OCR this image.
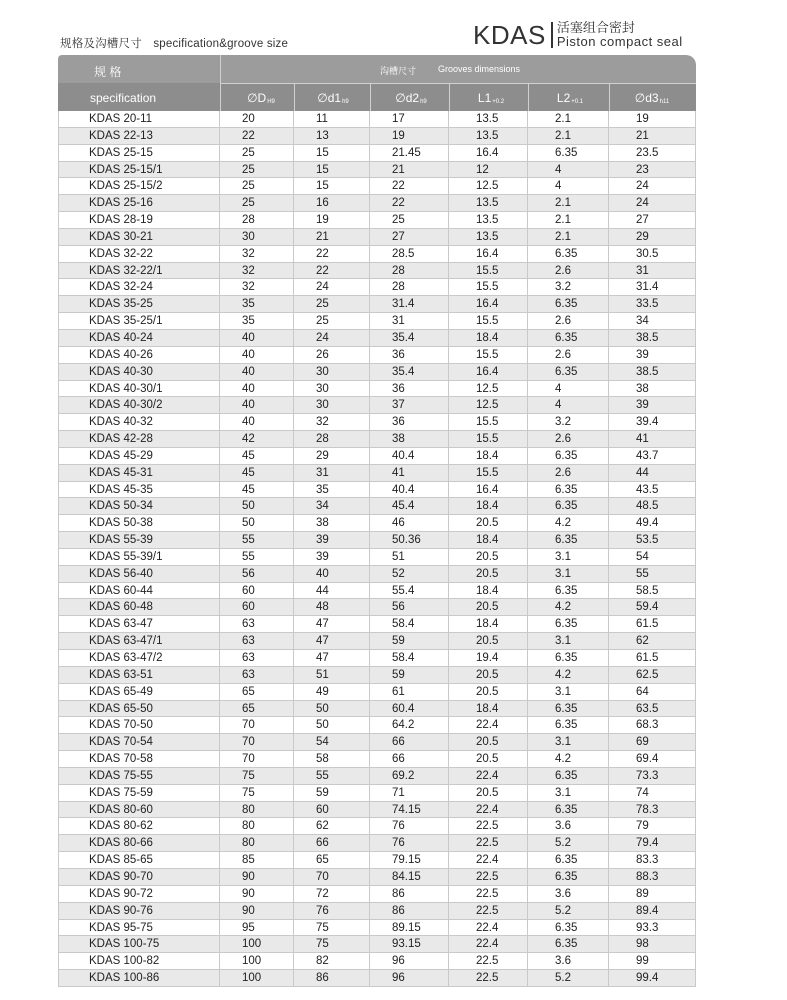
规格及沟槽尺寸 specification&groove size	KDAS 活塞组合密封
Piston compact seal
规 格
specification
沟槽尺寸 Grooves dimensions
$\emptyset D_{H9}$	$\emptyset d1_{h9}$	$\emptyset d2_{h9}$	$L1_{+0.2}$	$L2_{+0.1}$	$\emptyset d3_{h11}$
KDAS 20-11	20	11	17	13.5	2.1	19
KDAS 22-13	22	13	19	13.5	2.1	21
KDAS 25-15	25	15	21.45	16.4	6.35	23.5
KDAS 25-15/1	25	15	21	12	4	23
KDAS 25-15/2	25	15	22	12.5	4	24
KDAS 25-16	25	16	22	13.5	2.1	24
KDAS 28-19	28	19	25	13.5	2.1	27
KDAS 30-21	30	21	27	13.5	2.1	29
KDAS 32-22	32	22	28.5	16.4	6.35	30.5
KDAS 32-22/1	32	22	28	15.5	2.6	31
KDAS 32-24	32	24	28	15.5	3.2	31.4
KDAS 35-25	35	25	31.4	16.4	6.35	33.5
KDAS 35-25/1	35	25	31	15.5	2.6	34
KDAS 40-24	40	24	35.4	18.4	6.35	38.5
KDAS 40-26	40	26	36	15.5	2.6	39
KDAS 40-30	40	30	35.4	16.4	6.35	38.5
KDAS 40-30/1	40	30	36	12.5	4	38
KDAS 40-30/2	40	30	37	12.5	4	39
KDAS 40-32	40	32	36	15.5	3.2	39.4
KDAS 42-28	42	28	38	15.5	2.6	41
KDAS 45-29	45	29	40.4	18.4	6.35	43.7
KDAS 45-31	45	31	41	15.5	2.6	44
KDAS 45-35	45	35	40.4	16.4	6.35	43.5
KDAS 50-34	50	34	45.4	18.4	6.35	48.5
KDAS 50-38	50	38	46	20.5	4.2	49.4
KDAS 55-39	55	39	50.36	18.4	6.35	53.5
KDAS 55-39/1	55	39	51	20.5	3.1	54
KDAS 56-40	56	40	52	20.5	3.1	55
KDAS 60-44	60	44	55.4	18.4	6.35	58.5
KDAS 60-48	60	48	56	20.5	4.2	59.4
KDAS 63-47	63	47	58.4	18.4	6.35	61.5
KDAS 63-47/1	63	47	59	20.5	3.1	62
KDAS 63-47/2	63	47	58.4	19.4	6.35	61.5
KDAS 63-51	63	51	59	20.5	4.2	62.5
KDAS 65-49	65	49	61	20.5	3.1	64
KDAS 65-50	65	50	60.4	18.4	6.35	63.5
KDAS 70-50	70	50	64.2	22.4	6.35	68.3
KDAS 70-54	70	54	66	20.5	3.1	69
KDAS 70-58	70	58	66	20.5	4.2	69.4
KDAS 75-55	75	55	69.2	22.4	6.35	73.3
KDAS 75-59	75	59	71	20.5	3.1	74
KDAS 80-60	80	60	74.15	22.4	6.35	78.3
KDAS 80-62	80	62	76	22.5	3.6	79
KDAS 80-66	80	66	76	22.5	5.2	79.4
KDAS 85-65	85	65	79.15	22.4	6.35	83.3
KDAS 90-70	90	70	84.15	22.5	6.35	88.3
KDAS 90-72	90	72	86	22.5	3.6	89
KDAS 90-76	90	76	86	22.5	5.2	89.4
KDAS 95-75	95	75	89.15	22.4	6.35	93.3
KDAS 100-75	100	75	93.15	22.4	6.35	98
KDAS 100-82	100	82	96	22.5	3.6	99
KDAS 100-86	100	86	96	22.5	5.2	99.4
